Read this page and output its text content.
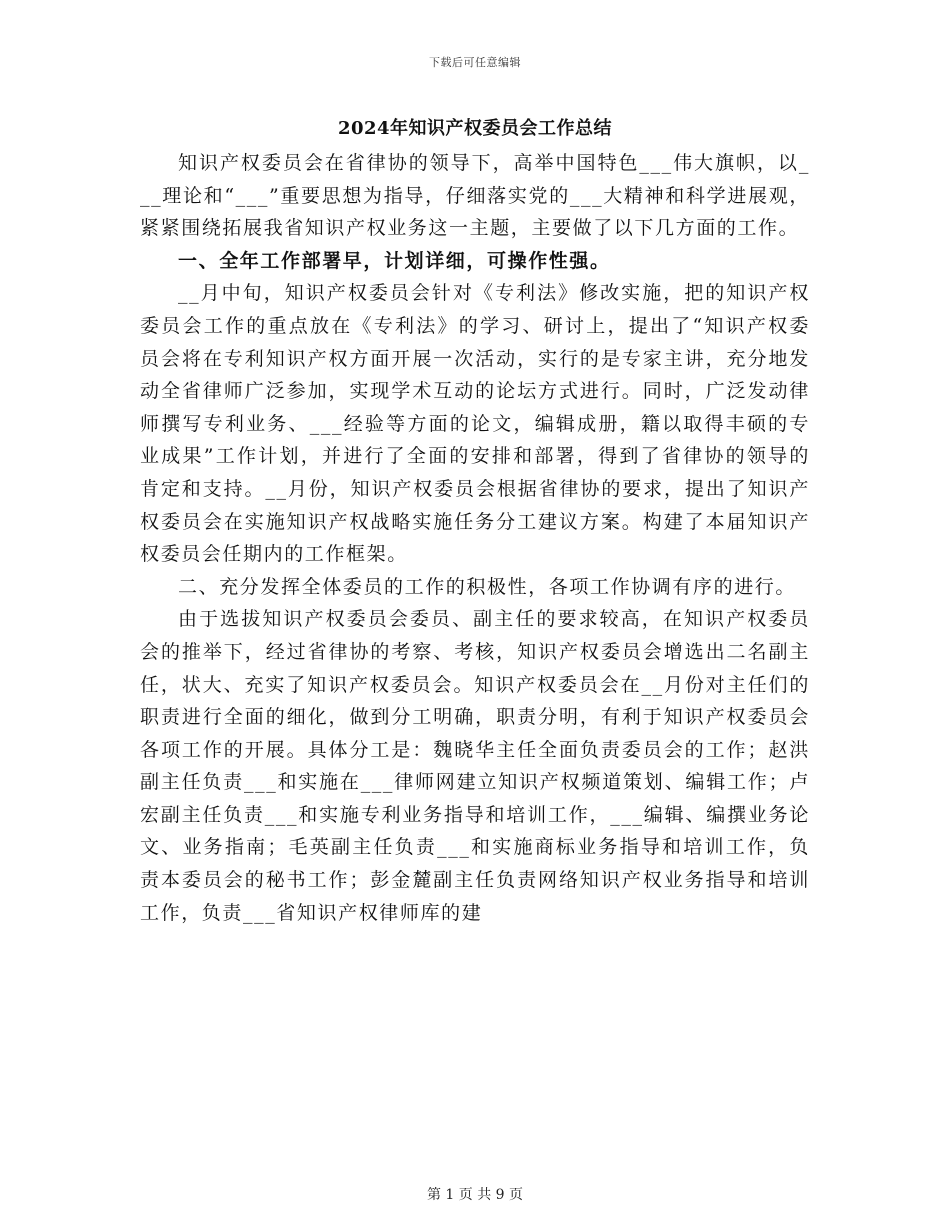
下载后可任意编辑
2024年知识产权委员会工作总结

知识产权委员会在省律协的领导下，高举中国特色___伟大旗帜，以___理论和“___”重要思想为指导，仔细落实党的___大精神和科学进展观，紧紧围绕拓展我省知识产权业务这一主题，主要做了以下几方面的工作。

一、全年工作部署早，计划详细，可操作性强。

__月中旬，知识产权委员会针对《专利法》修改实施，把的知识产权委员会工作的重点放在《专利法》的学习、研讨上，提出了“知识产权委员会将在专利知识产权方面开展一次活动，实行的是专家主讲，充分地发动全省律师广泛参加，实现学术互动的论坛方式进行。同时，广泛发动律师撰写专利业务、___经验等方面的论文，编辑成册，籍以取得丰硕的专业成果”工作计划，并进行了全面的安排和部署，得到了省律协的领导的肯定和支持。__月份，知识产权委员会根据省律协的要求，提出了知识产权委员会在实施知识产权战略实施任务分工建议方案。构建了本届知识产权委员会任期内的工作框架。

二、充分发挥全体委员的工作的积极性，各项工作协调有序的进行。

由于选拔知识产权委员会委员、副主任的要求较高，在知识产权委员会的推举下，经过省律协的考察、考核，知识产权委员会增选出二名副主任，状大、充实了知识产权委员会。知识产权委员会在__月份对主任们的职责进行全面的细化，做到分工明确，职责分明，有利于知识产权委员会各项工作的开展。具体分工是：魏晓华主任全面负责委员会的工作；赵洪副主任负责___和实施在___律师网建立知识产权频道策划、编辑工作；卢宏副主任负责___和实施专利业务指导和培训工作，___编辑、编撰业务论文、业务指南；毛英副主任负责___和实施商标业务指导和培训工作，负责本委员会的秘书工作；彭金麓副主任负责网络知识产权业务指导和培训工作，负责___省知识产权律师库的建

第 1 页 共 9 页
